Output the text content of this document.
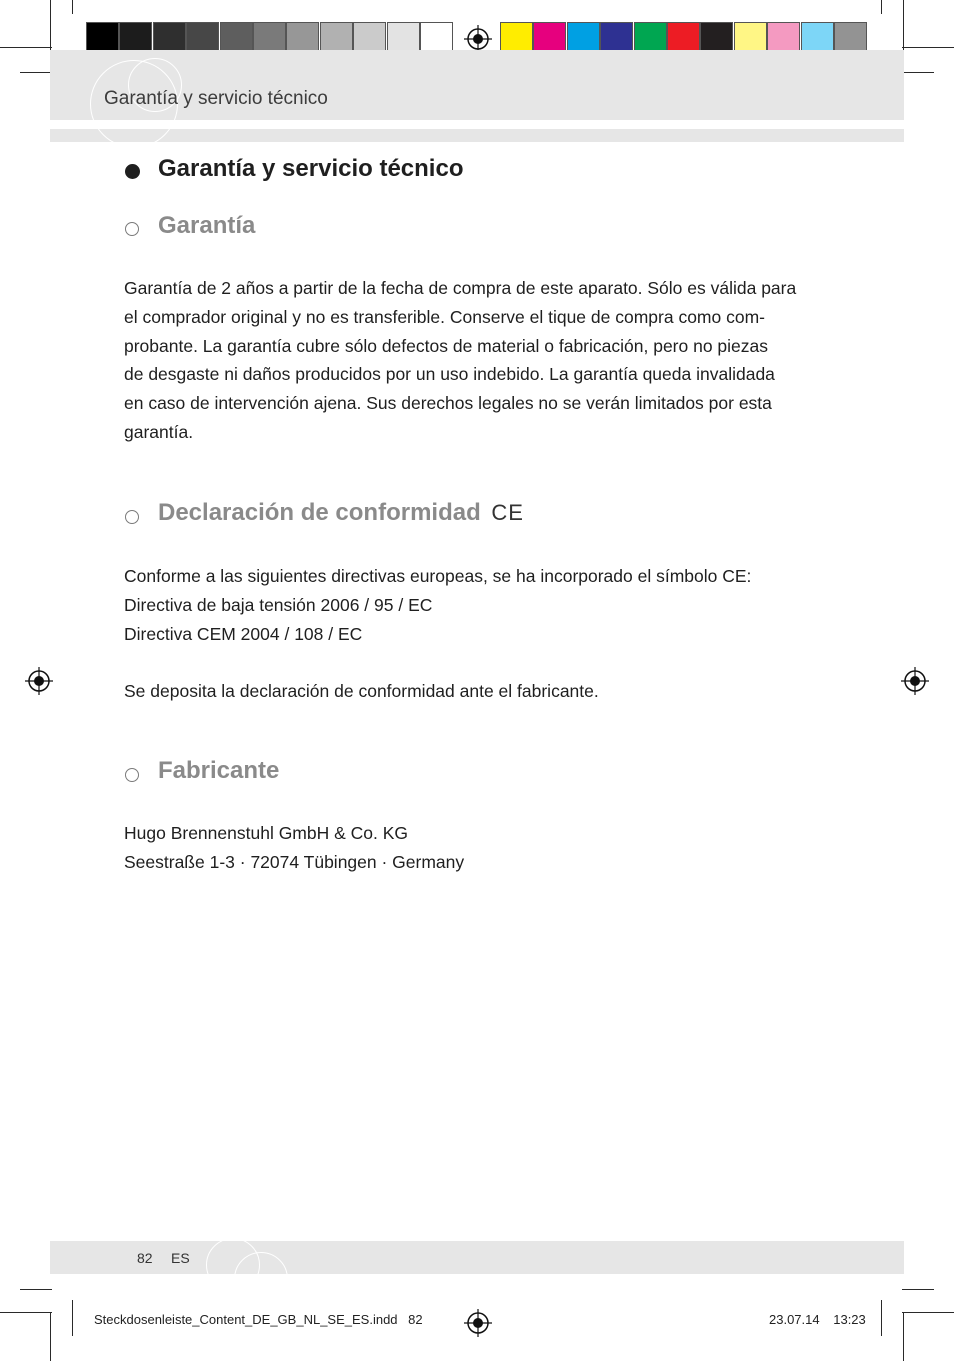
Garantía y servicio técnico
Garantía y servicio técnico
Garantía

Garantía de 2 años a partir de la fecha de compra de este aparato. Sólo es válida para

el comprador original y no es transferible. Conserve el tique de compra como com-

probante. La garantía cubre sólo defectos de material o fabricación, pero no piezas

de desgaste ni daños producidos por un uso indebido. La garantía queda invalidada

en caso de intervención ajena. Sus derechos legales no se verán limitados por esta

garantía.

Declaración de conformidad CE

Conforme a las siguientes directivas europeas, se ha incorporado el símbolo CE:

Directiva de baja tensión 2006 / 95 / EC

Directiva CEM 2004 / 108 / EC

Se deposita la declaración de conformidad ante el fabricante.
Fabricante

Hugo Brennenstuhl GmbH & Co. KG

Seestraße 1-3 · 72074 Tübingen · Germany

82 ES
Steckdosenleiste_Content_DE_GB_NL_SE_ES.indd 82	23.07.14 13:23
